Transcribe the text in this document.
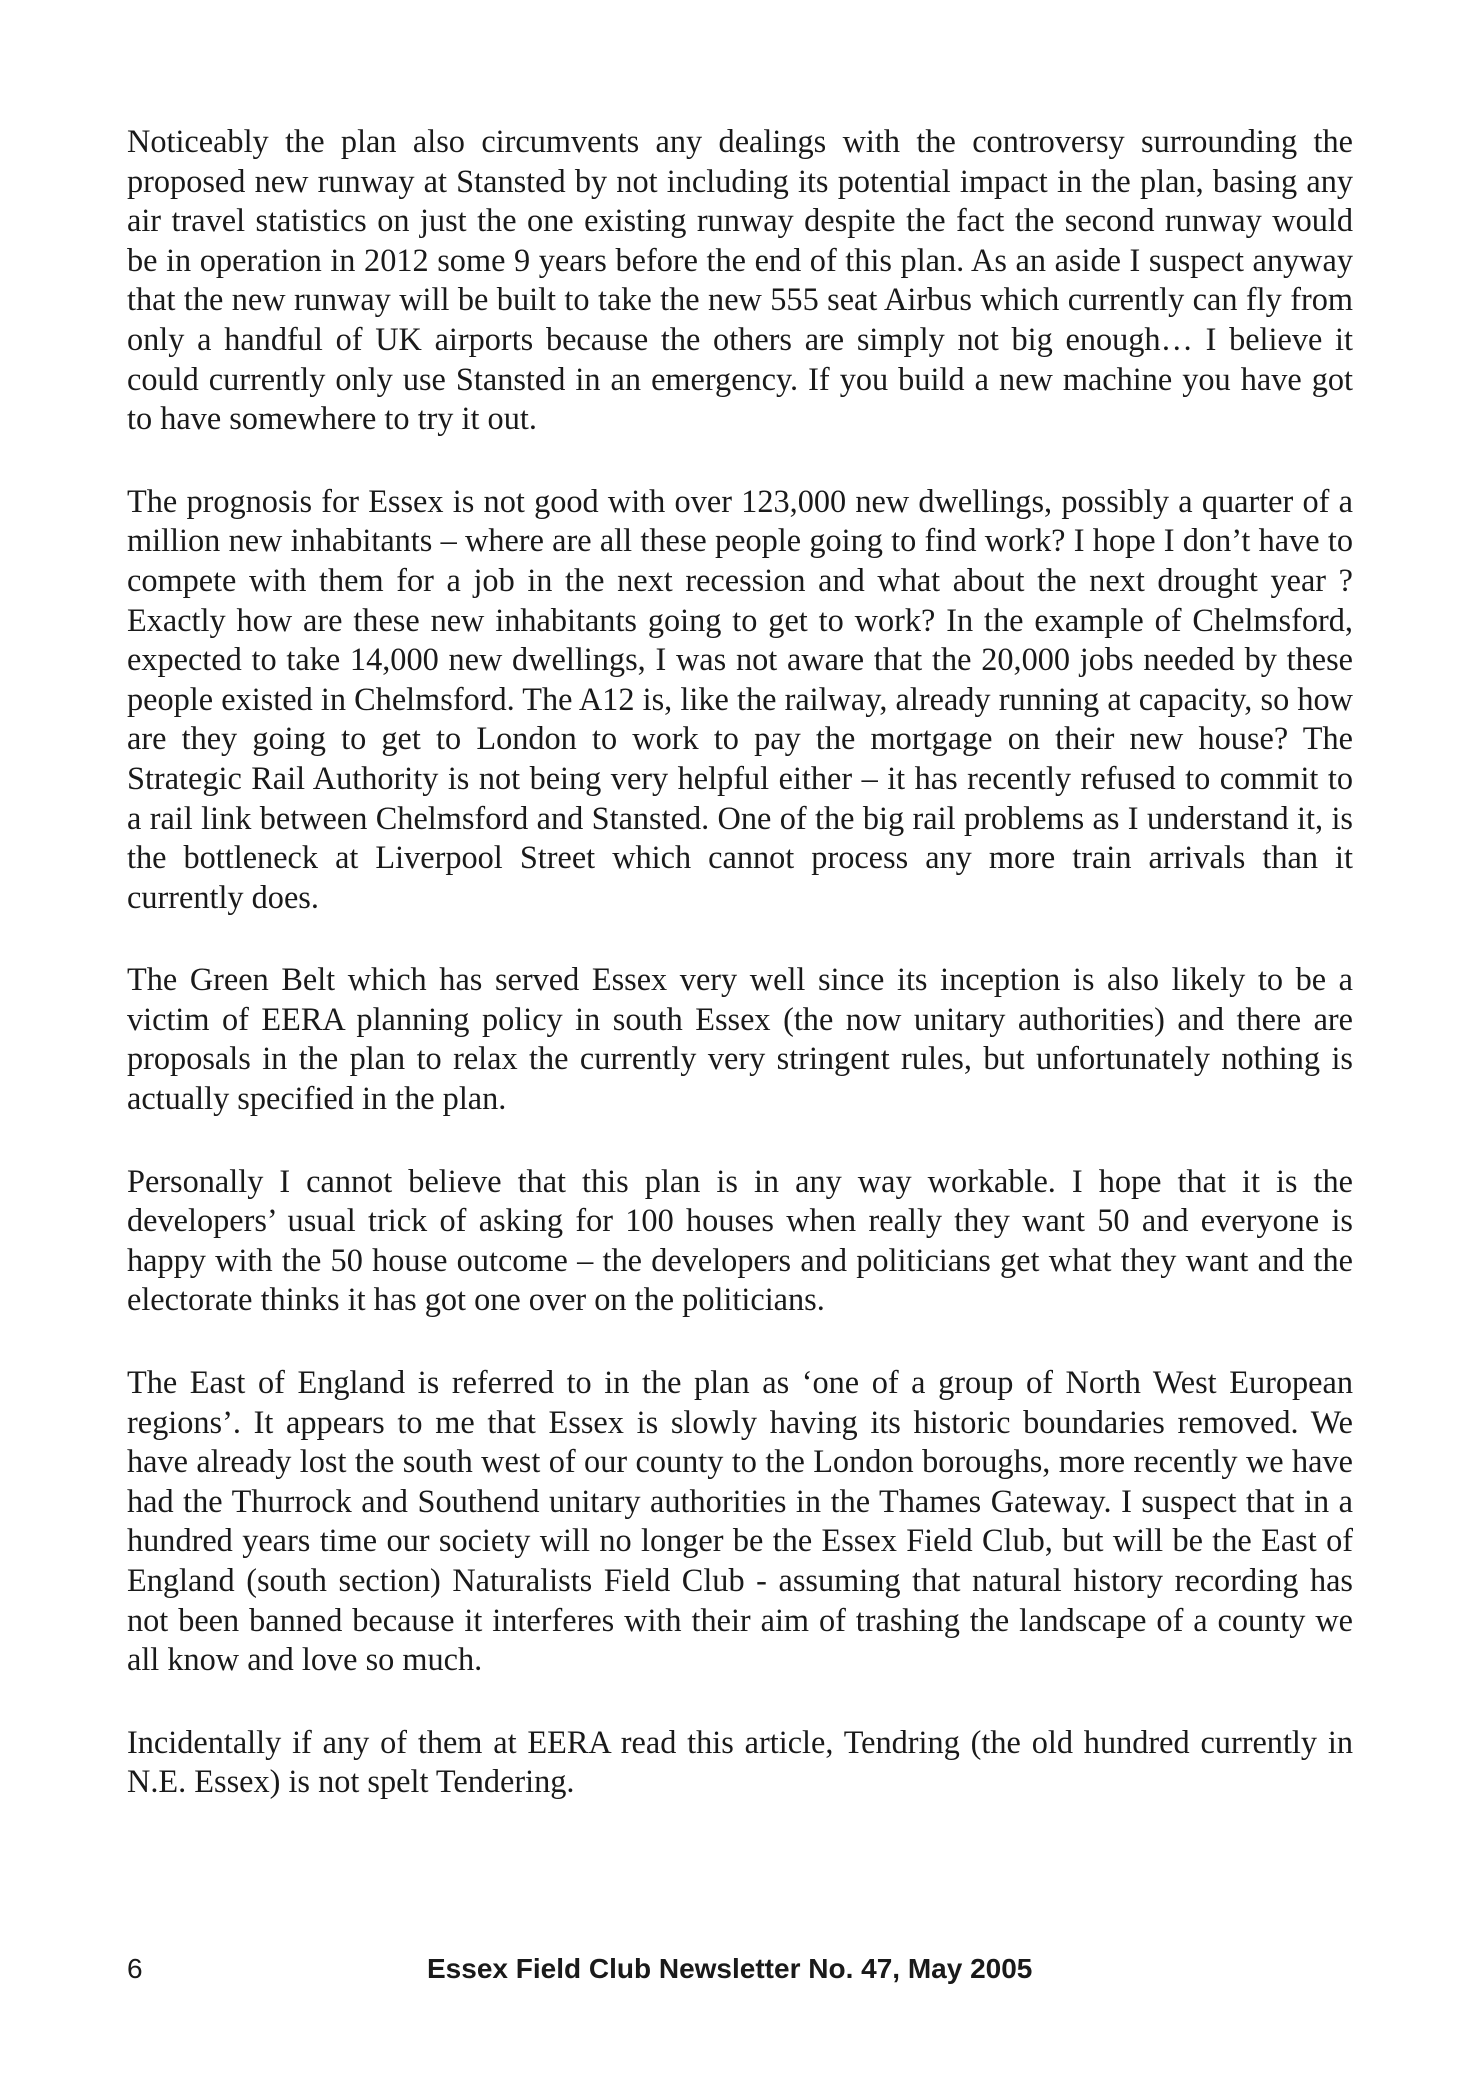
Noticeably the plan also circumvents any dealings with the controversy surrounding the proposed new runway at Stansted by not including its potential impact in the plan, basing any air travel statistics on just the one existing runway despite the fact the second runway would be in operation in 2012 some 9 years before the end of this plan. As an aside I suspect anyway that the new runway will be built to take the new 555 seat Airbus which currently can fly from only a handful of UK airports because the others are simply not big enough… I believe it could currently only use Stansted in an emergency. If you build a new machine you have got to have somewhere to try it out.

The prognosis for Essex is not good with over 123,000 new dwellings, possibly a quarter of a million new inhabitants – where are all these people going to find work? I hope I don’t have to compete with them for a job in the next recession and what about the next drought year ? Exactly how are these new inhabitants going to get to work? In the example of Chelmsford, expected to take 14,000 new dwellings, I was not aware that the 20,000 jobs needed by these people existed in Chelmsford. The A12 is, like the railway, already running at capacity, so how are they going to get to London to work to pay the mortgage on their new house? The Strategic Rail Authority is not being very helpful either – it has recently refused to commit to a rail link between Chelmsford and Stansted. One of the big rail problems as I understand it, is the bottleneck at Liverpool Street which cannot process any more train arrivals than it currently does.

The Green Belt which has served Essex very well since its inception is also likely to be a victim of EERA planning policy in south Essex (the now unitary authorities) and there are proposals in the plan to relax the currently very stringent rules, but unfortunately nothing is actually specified in the plan.

Personally I cannot believe that this plan is in any way workable. I hope that it is the developers’ usual trick of asking for 100 houses when really they want 50 and everyone is happy with the 50 house outcome – the developers and politicians get what they want and the electorate thinks it has got one over on the politicians.

The East of England is referred to in the plan as ‘one of a group of North West European regions’. It appears to me that Essex is slowly having its historic boundaries removed. We have already lost the south west of our county to the London boroughs, more recently we have had the Thurrock and Southend unitary authorities in the Thames Gateway. I suspect that in a hundred years time our society will no longer be the Essex Field Club, but will be the East of England (south section) Naturalists Field Club - assuming that natural history recording has not been banned because it interferes with their aim of trashing the landscape of a county we all know and love so much.

Incidentally if any of them at EERA read this article, Tendring (the old hundred currently in N.E. Essex) is not spelt Tendering.

6	Essex Field Club Newsletter No. 47, May 2005
